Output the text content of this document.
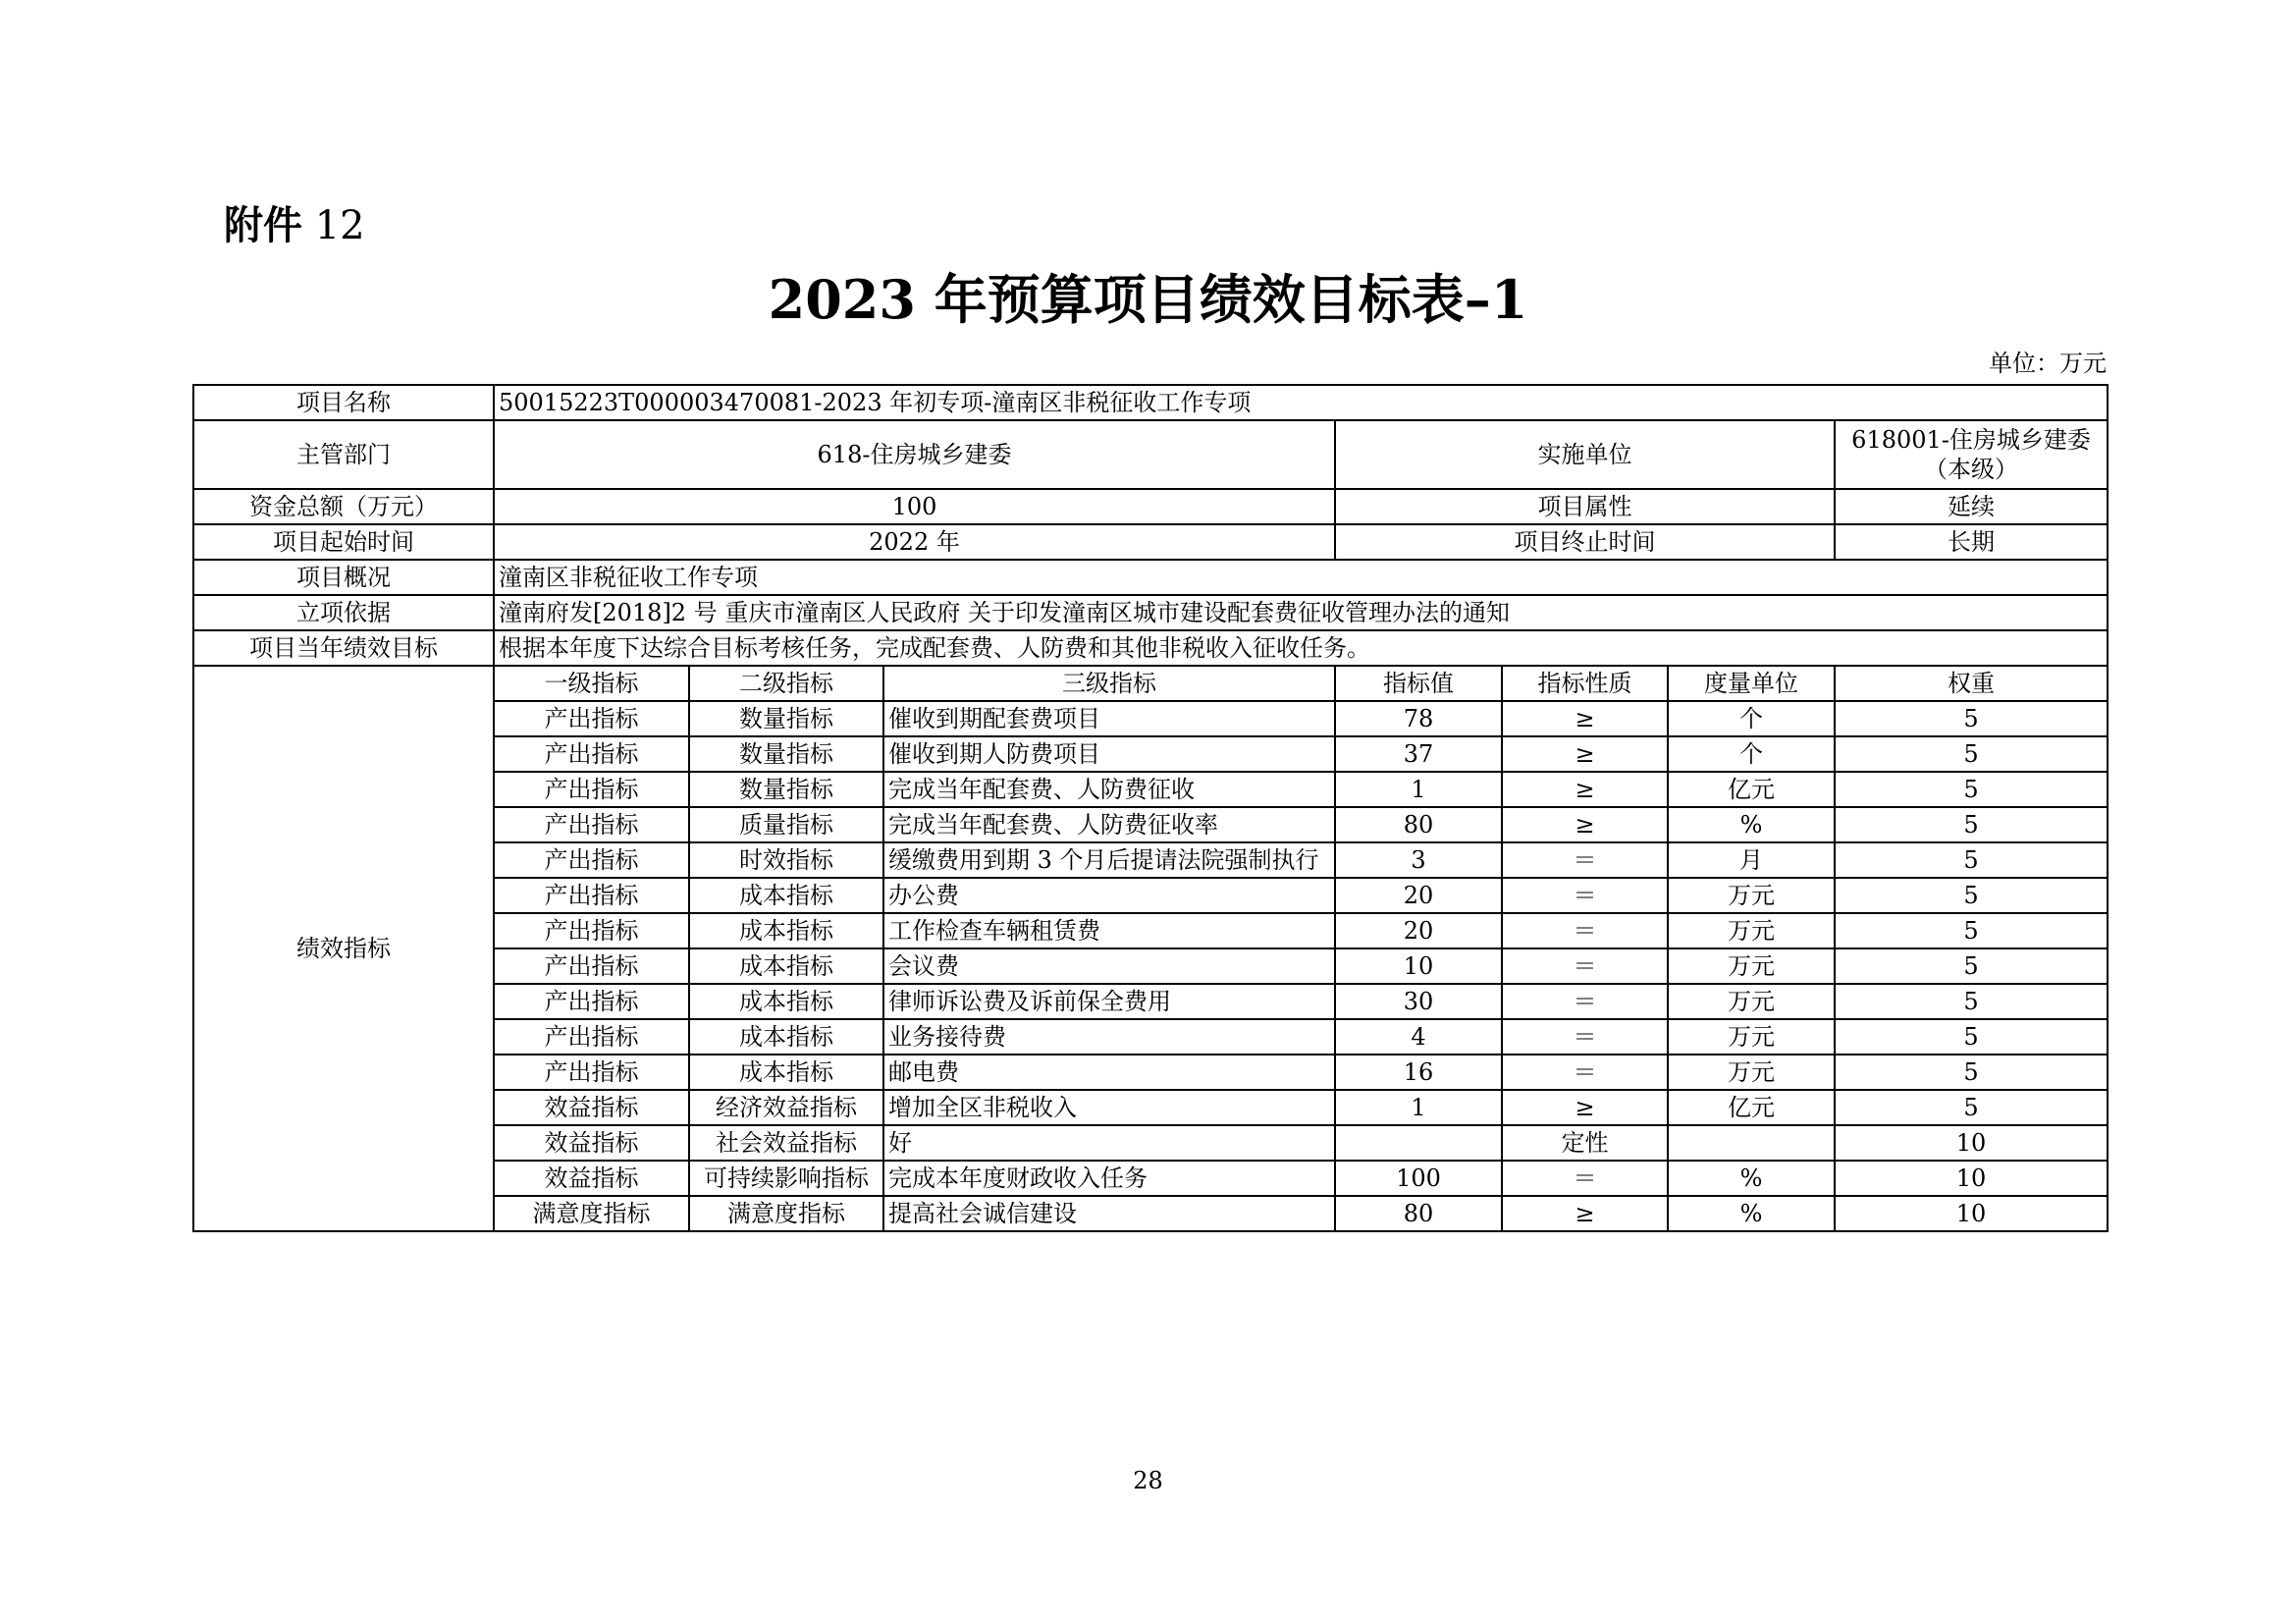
附件 12
2023 年预算项目绩效目标表–1
单位：万元
项目名称	50015223T000003470081-2023 年初专项-潼南区非税征收工作专项						
主管部门	618-住房城乡建委			实施单位			618001-住房城乡建委
（本级）

资金总额（万元）	100			项目属性			延续
项目起始时间	2022 年			项目终止时间			长期
项目概况	潼南区非税征收工作专项						
立项依据	潼南府发[2018]2 号 重庆市潼南区人民政府 关于印发潼南区城市建设配套费征收管理办法的通知						
项目当年绩效目标	根据本年度下达综合目标考核任务，完成配套费、人防费和其他非税收入征收任务。						
绩效指标	一级指标	二级指标	三级指标	指标值	指标性质	度量单位	权重
	产出指标	数量指标	催收到期配套费项目	78	≥	个	5
	产出指标	数量指标	催收到期人防费项目	37	≥	个	5
	产出指标	数量指标	完成当年配套费、人防费征收	1	≥	亿元	5
	产出指标	质量指标	完成当年配套费、人防费征收率	80	≥	%	5
	产出指标	时效指标	缓缴费用到期 3 个月后提请法院强制执行	3	＝	月	5
	产出指标	成本指标	办公费	20	＝	万元	5
	产出指标	成本指标	工作检查车辆租赁费	20	＝	万元	5
	产出指标	成本指标	会议费	10	＝	万元	5
	产出指标	成本指标	律师诉讼费及诉前保全费用	30	＝	万元	5
	产出指标	成本指标	业务接待费	4	＝	万元	5
	产出指标	成本指标	邮电费	16	＝	万元	5
	效益指标	经济效益指标	增加全区非税收入	1	≥	亿元	5
	效益指标	社会效益指标	好		定性		10
	效益指标	可持续影响指标	完成本年度财政收入任务	100	＝	%	10
	满意度指标	满意度指标	提高社会诚信建设	80	≥	%	10
28
